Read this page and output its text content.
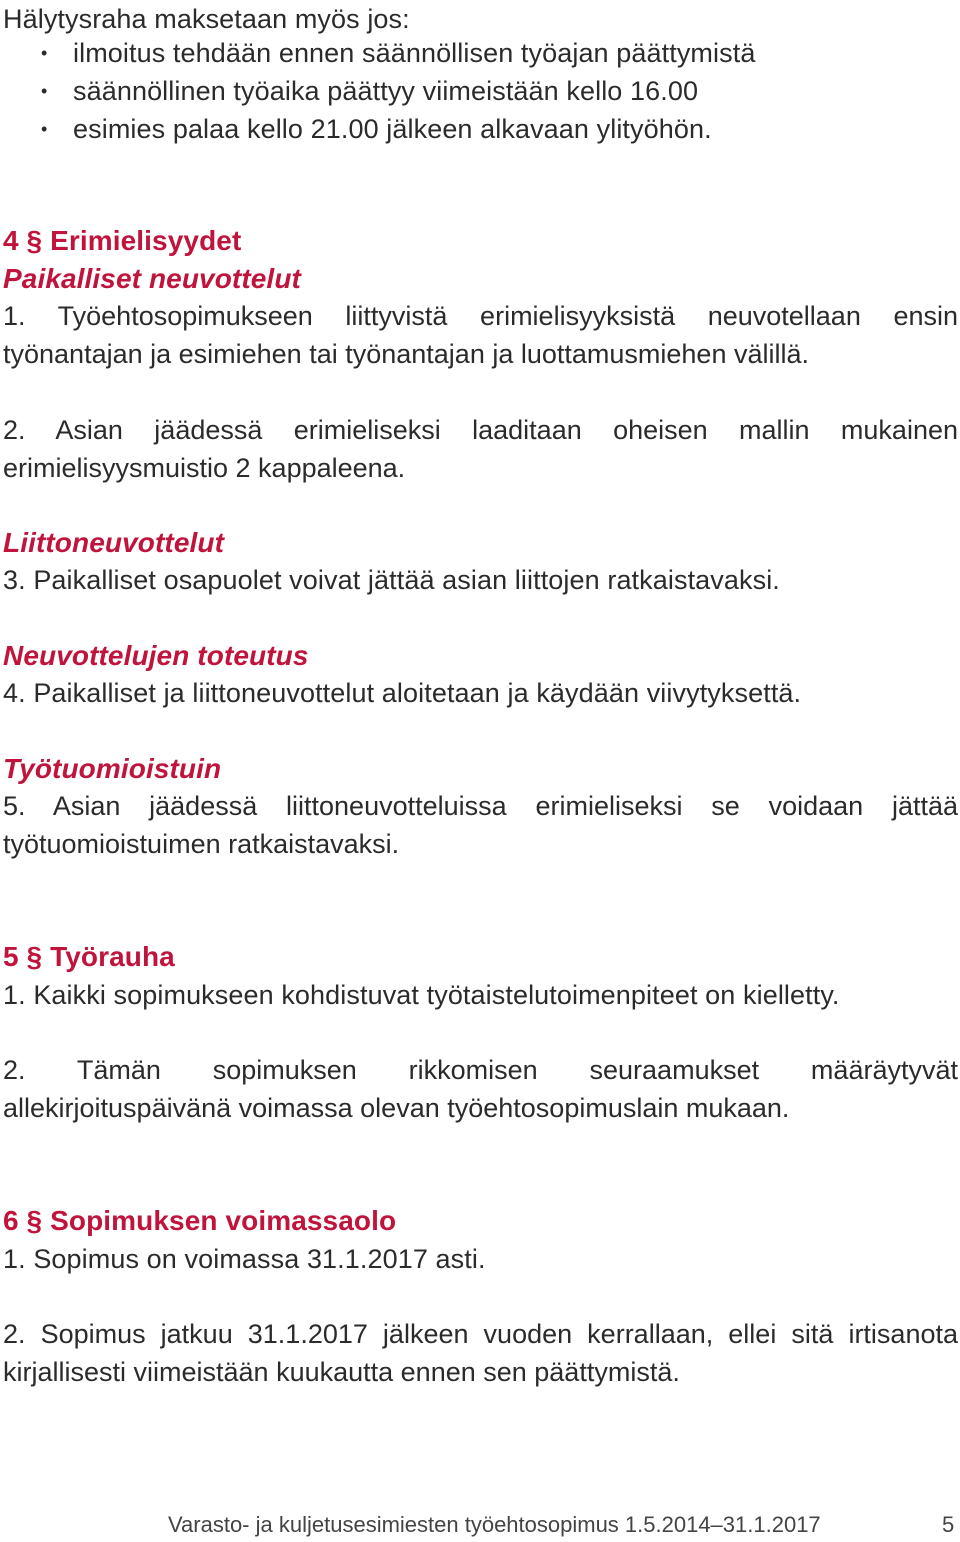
Hälytysraha maksetaan myös jos:
• ilmoitus tehdään ennen säännöllisen työajan päättymistä
• säännöllinen työaika päättyy viimeistään kello 16.00
• esimies palaa kello 21.00 jälkeen alkavaan ylityöhön.
4 § Erimielisyydet
Paikalliset neuvottelut
1. Työehtosopimukseen liittyvistä erimielisyyksistä neuvotellaan ensin työnantajan ja esimiehen tai työnantajan ja luottamusmiehen välillä.
2. Asian jäädessä erimieliseksi laaditaan oheisen mallin mukainen erimielisyysmuistio 2 kappaleena.
Liittoneuvottelut
3. Paikalliset osapuolet voivat jättää asian liittojen ratkaistavaksi.
Neuvottelujen toteutus
4. Paikalliset ja liittoneuvottelut aloitetaan ja käydään viivytyksettä.
Työtuomioistuin
5. Asian jäädessä liittoneuvotteluissa erimieliseksi se voidaan jättää työtuomioistuimen ratkaistavaksi.
5 § Työrauha
1. Kaikki sopimukseen kohdistuvat työtaistelutoimenpiteet on kielletty.
2. Tämän sopimuksen rikkomisen seuraamukset määräytyvät allekirjoituspäivänä voimassa olevan työehtosopimuslain mukaan.
6 § Sopimuksen voimassaolo
1. Sopimus on voimassa 31.1.2017 asti.
2. Sopimus jatkuu 31.1.2017 jälkeen vuoden kerrallaan, ellei sitä irtisanota kirjallisesti viimeistään kuukautta ennen sen päättymistä.
Varasto- ja kuljetusesimiesten työehtosopimus 1.5.2014–31.1.2017	5
